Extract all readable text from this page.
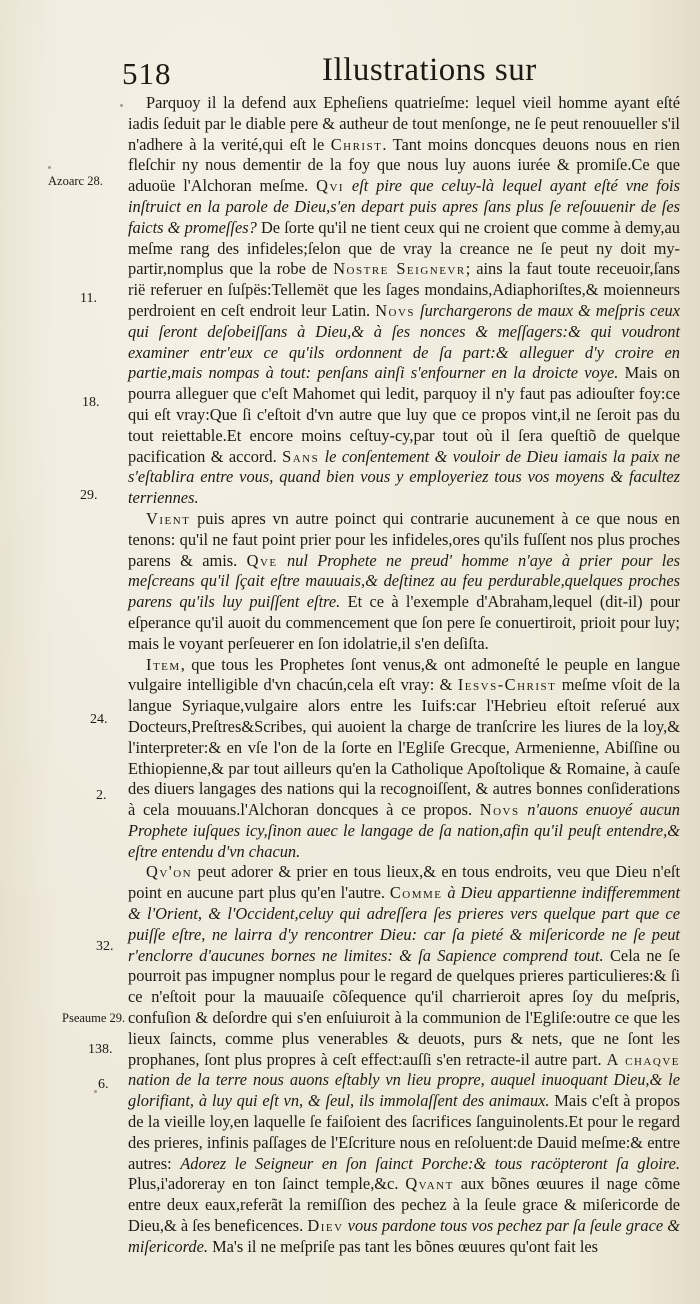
518	Illustrations sur
Azoarc 28.
11.
18.
29.
24.
2.
32.
Pseaume 29.
138.
6.

Parquoy il la defend aux Epheſiens quatrieſme: lequel vieil homme ayant eſté iadis ſeduit par le diable pere & autheur de tout menſonge, ne ſe peut renouueller s'il n'adhere à la verité,qui eſt le Christ. Tant moins doncques deuons nous en rien fleſchir ny nous dementir de la foy que nous luy auons iurée & promiſe.Ce que aduoüe l'Alchoran meſme. Qvi eſt pire que celuy-là lequel ayant eſté vne fois inſtruict en la parole de Dieu,s'en depart puis apres ſans plus ſe reſouuenir de ſes faicts & promeſſes? De ſorte qu'il ne tient ceux qui ne croient que comme à demy,au meſme rang des infideles;ſelon que de vray la creance ne ſe peut ny doit my-partir,nomplus que la robe de Nostre Seignevr; ains la faut toute receuoir,ſans rië referuer en ſuſpës:Tellemët que les ſages mondains,Adiaphoriſtes,& moienneurs perdroient en ceſt endroit leur Latin. Novs ſurchargerons de maux & meſpris ceux qui ſeront deſobeiſſans à Dieu,& à ſes nonces & meſſagers:& qui voudront examiner entr'eux ce qu'ils ordonnent de ſa part:& alleguer d'y croire en partie,mais nompas à tout: penſans ainſi s'enfourner en la droicte voye. Mais on pourra alleguer que c'eſt Mahomet qui ledit, parquoy il n'y faut pas adiouſter foy:ce qui eſt vray:Que ſi c'eſtoit d'vn autre que luy que ce propos vint,il ne ſeroit pas du tout reiettable.Et encore moins ceſtuy-cy,par tout où il ſera queſtiõ de quelque pacification & accord. Sans le conſentement & vouloir de Dieu iamais la paix ne s'eſtablira entre vous, quand bien vous y employeriez tous vos moyens & facultez terriennes.

Vient puis apres vn autre poinct qui contrarie aucunement à ce que nous en tenons: qu'il ne faut point prier pour les infideles,ores qu'ils fuſſent nos plus proches parens & amis. Qve nul Prophete ne preud' homme n'aye à prier pour les meſcreans qu'il ſçait eſtre mauuais,& deſtinez au feu perdurable,quelques proches parens qu'ils luy puiſſent eſtre. Et ce à l'exemple d'Abraham,lequel (dit-il) pour eſperance qu'il auoit du commencement que ſon pere ſe conuertiroit, prioit pour luy; mais le voyant perſeuerer en ſon idolatrie,il s'en deſiſta.

Item, que tous les Prophetes ſont venus,& ont admoneſté le peuple en langue vulgaire intelligible d'vn chacún,cela eſt vray: & Iesvs-Christ meſme vſoit de la langue Syriaque,vulgaire alors entre les Iuifs:car l'Hebrieu eſtoit reſerué aux Docteurs,Preſtres&Scribes, qui auoient la charge de tranſcrire les liures de la loy,& l'interpreter:& en vſe l'on de la ſorte en l'Egliſe Grecque, Armenienne, Abiſſine ou Ethiopienne,& par tout ailleurs qu'en la Catholique Apoſtolique & Romaine, à cauſe des diuers langages des nations qui la recognoiſſent, & autres bonnes conſiderations à cela mouuans.l'Alchoran doncques à ce propos. Novs n'auons enuoyé aucun Prophete iuſques icy,ſinon auec le langage de ſa nation,afin qu'il peuſt entendre,& eſtre entendu d'vn chacun.

Qv'on peut adorer & prier en tous lieux,& en tous endroits, veu que Dieu n'eſt point en aucune part plus qu'en l'autre. Comme à Dieu appartienne indifferemment & l'Orient, & l'Occident,celuy qui adreſſera ſes prieres vers quelque part que ce puiſſe eſtre, ne lairra d'y rencontrer Dieu: car ſa pieté & miſericorde ne ſe peut r'enclorre d'aucunes bornes ne limites: & ſa Sapience comprend tout. Cela ne ſe pourroit pas impugner nomplus pour le regard de quelques prieres particulieres:& ſi ce n'eſtoit pour la mauuaiſe cõſequence qu'il charrieroit apres ſoy du meſpris, confuſion & deſordre qui s'en enſuiuroit à la communion de l'Egliſe:outre ce que les lieux ſaincts, comme plus venerables & deuots, purs & nets, que ne ſont les prophanes, ſont plus propres à ceſt effect:auſſi s'en retracte-il autre part. A chaqve nation de la terre nous auons eſtably vn lieu propre, auquel inuoquant Dieu,& le glorifiant, à luy qui eſt vn, & ſeul, ils immolaſſent des animaux. Mais c'eſt à propos de la vieille loy,en laquelle ſe faiſoient des ſacrifices ſanguinolents.Et pour le regard des prieres, infinis paſſages de l'Eſcriture nous en reſoluent:de Dauid meſme:& entre autres: Adorez le Seigneur en ſon ſainct Porche:& tous racöpteront ſa gloire. Plus,i'adoreray en ton ſainct temple,&c. Qvant aux bõnes œuures il nage cõme entre deux eaux,referãt la remiſſion des pechez à la ſeule grace & miſericorde de Dieu,& à ſes beneficences. Diev vous pardone tous vos pechez par ſa ſeule grace & miſericorde. Ma's il ne meſpriſe pas tant les bõnes œuures qu'ont fait les
